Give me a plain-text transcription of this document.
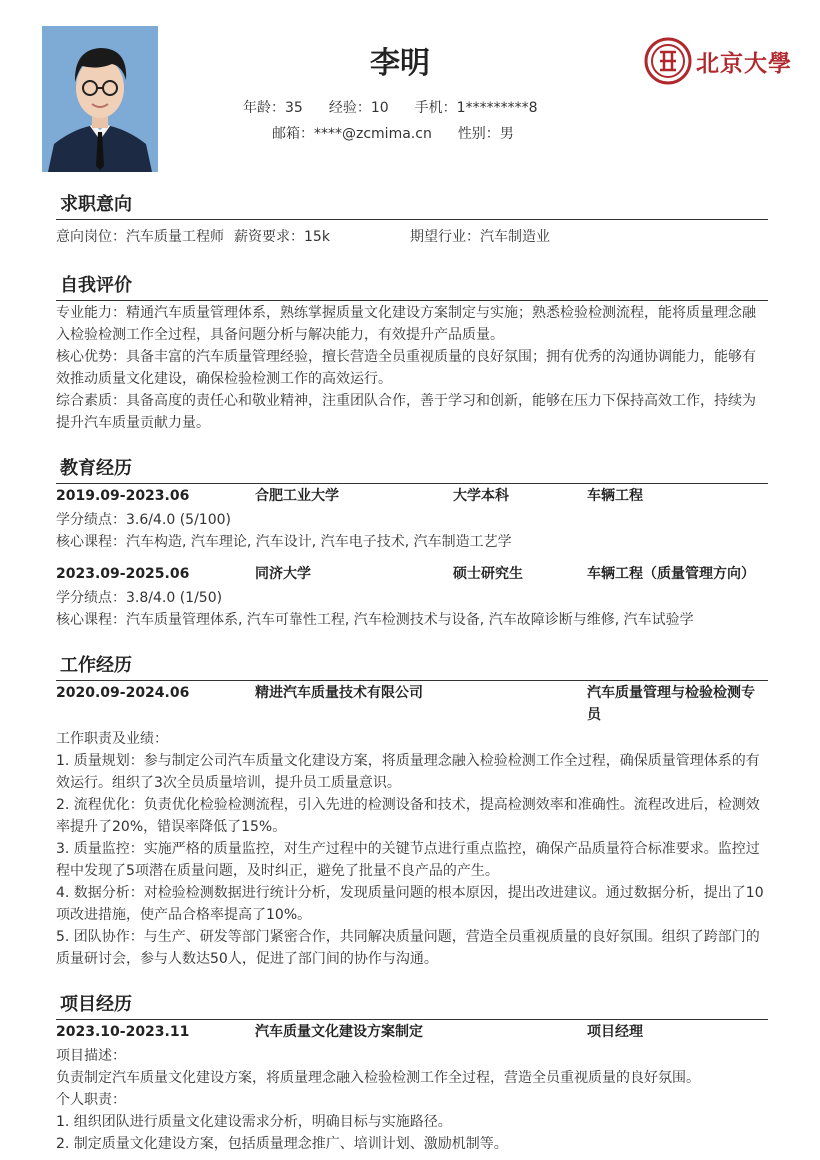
李明
年龄：35 经验：10 手机：1*********8
邮箱：****@zcmima.cn 性别：男
北京大學
求职意向
意向岗位：汽车质量工程师 薪资要求：15k	期望行业：汽车制造业
自我评价

专业能力：精通汽车质量管理体系，熟练掌握质量文化建设方案制定与实施；熟悉检验检测流程，能将质量理念融入检验检测工作全过程，具备问题分析与解决能力，有效提升产品质量。

核心优势：具备丰富的汽车质量管理经验，擅长营造全员重视质量的良好氛围；拥有优秀的沟通协调能力，能够有效推动质量文化建设，确保检验检测工作的高效运行。

综合素质：具备高度的责任心和敬业精神，注重团队合作，善于学习和创新，能够在压力下保持高效工作，持续为提升汽车质量贡献力量。

教育经历
2019.09-2023.06	合肥工业大学	大学本科	车辆工程

学分绩点：3.6/4.0 (5/100)

核心课程：汽车构造, 汽车理论, 汽车设计, 汽车电子技术, 汽车制造工艺学

2023.09-2025.06	同济大学	硕士研究生	车辆工程（质量管理方向）

学分绩点：3.8/4.0 (1/50)

核心课程：汽车质量管理体系, 汽车可靠性工程, 汽车检测技术与设备, 汽车故障诊断与维修, 汽车试验学

工作经历
2020.09-2024.06	精进汽车质量技术有限公司	汽车质量管理与检验检测专
员

工作职责及业绩：

1. 质量规划：参与制定公司汽车质量文化建设方案，将质量理念融入检验检测工作全过程，确保质量管理体系的有效运行。组织了3次全员质量培训，提升员工质量意识。

2. 流程优化：负责优化检验检测流程，引入先进的检测设备和技术，提高检测效率和准确性。流程改进后，检测效率提升了20%，错误率降低了15%。

3. 质量监控：实施严格的质量监控，对生产过程中的关键节点进行重点监控，确保产品质量符合标准要求。监控过程中发现了5项潜在质量问题，及时纠正，避免了批量不良产品的产生。

4. 数据分析：对检验检测数据进行统计分析，发现质量问题的根本原因，提出改进建议。通过数据分析，提出了10项改进措施，使产品合格率提高了10%。

5. 团队协作：与生产、研发等部门紧密合作，共同解决质量问题，营造全员重视质量的良好氛围。组织了跨部门的质量研讨会，参与人数达50人，促进了部门间的协作与沟通。

项目经历
2023.10-2023.11	汽车质量文化建设方案制定	项目经理

项目描述：

负责制定汽车质量文化建设方案，将质量理念融入检验检测工作全过程，营造全员重视质量的良好氛围。

个人职责：

1. 组织团队进行质量文化建设需求分析，明确目标与实施路径。

2. 制定质量文化建设方案，包括质量理念推广、培训计划、激励机制等。
